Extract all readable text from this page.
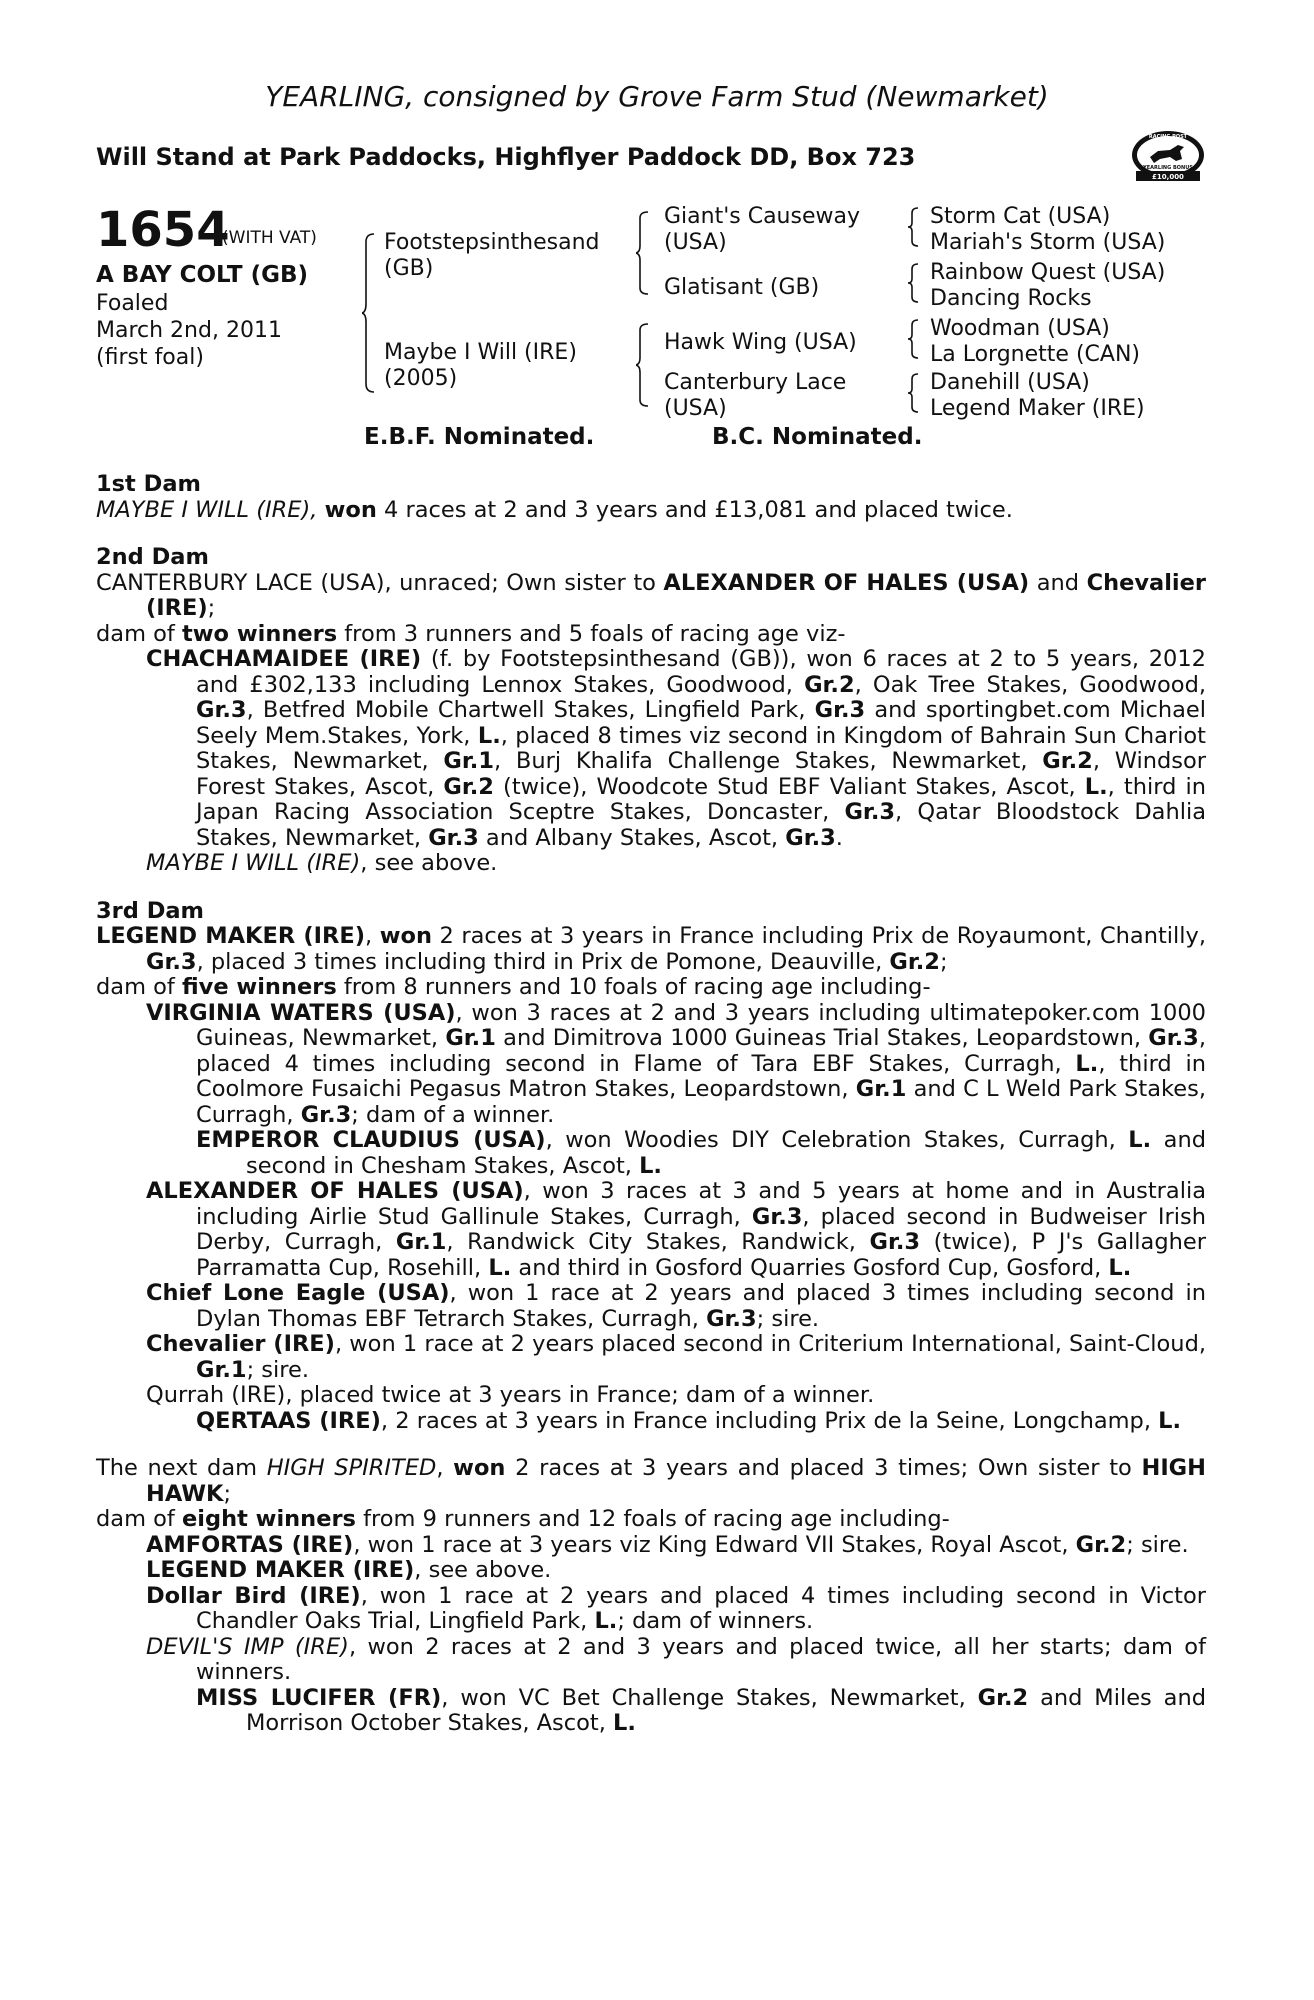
YEARLING, consigned by Grove Farm Stud (Newmarket)
Will Stand at Park Paddocks, Highflyer Paddock DD, Box 723
RACING POST
YEARLING BONUS
£10,000
1654
(WITH VAT)
A BAY COLT (GB)
Foaled
March 2nd, 2011
(first foal)
Footstepsinthesand
(GB)
Maybe I Will (IRE)
(2005)
Giant's Causeway
(USA)
Glatisant (GB)
Hawk Wing (USA)
Canterbury Lace
(USA)
Storm Cat (USA)
Mariah's Storm (USA)
Rainbow Quest (USA)
Dancing Rocks
Woodman (USA)
La Lorgnette (CAN)
Danehill (USA)
Legend Maker (IRE)
E.B.F. Nominated.	B.C. Nominated.

1st Dam

MAYBE I WILL (IRE), won 4 races at 2 and 3 years and £13,081 and placed twice.

2nd Dam

CANTERBURY LACE (USA), unraced; Own sister to ALEXANDER OF HALES (USA) and Chevalier (IRE);

dam of two winners from 3 runners and 5 foals of racing age viz-

CHACHAMAIDEE (IRE) (f. by Footstepsinthesand (GB)), won 6 races at 2 to 5 years, 2012 and £302,133 including Lennox Stakes, Goodwood, Gr.2, Oak Tree Stakes, Goodwood, Gr.3, Betfred Mobile Chartwell Stakes, Lingfield Park, Gr.3 and sportingbet.com Michael Seely Mem.Stakes, York, L., placed 8 times viz second in Kingdom of Bahrain Sun Chariot Stakes, Newmarket, Gr.1, Burj Khalifa Challenge Stakes, Newmarket, Gr.2, Windsor Forest Stakes, Ascot, Gr.2 (twice), Woodcote Stud EBF Valiant Stakes, Ascot, L., third in Japan Racing Association Sceptre Stakes, Doncaster, Gr.3, Qatar Bloodstock Dahlia Stakes, Newmarket, Gr.3 and Albany Stakes, Ascot, Gr.3.

MAYBE I WILL (IRE), see above.

3rd Dam

LEGEND MAKER (IRE), won 2 races at 3 years in France including Prix de Royaumont, Chantilly, Gr.3, placed 3 times including third in Prix de Pomone, Deauville, Gr.2;

dam of five winners from 8 runners and 10 foals of racing age including-

VIRGINIA WATERS (USA), won 3 races at 2 and 3 years including ultimatepoker.com 1000 Guineas, Newmarket, Gr.1 and Dimitrova 1000 Guineas Trial Stakes, Leopardstown, Gr.3, placed 4 times including second in Flame of Tara EBF Stakes, Curragh, L., third in Coolmore Fusaichi Pegasus Matron Stakes, Leopardstown, Gr.1 and C L Weld Park Stakes, Curragh, Gr.3; dam of a winner.

EMPEROR CLAUDIUS (USA), won Woodies DIY Celebration Stakes, Curragh, L. and second in Chesham Stakes, Ascot, L.

ALEXANDER OF HALES (USA), won 3 races at 3 and 5 years at home and in Australia including Airlie Stud Gallinule Stakes, Curragh, Gr.3, placed second in Budweiser Irish Derby, Curragh, Gr.1, Randwick City Stakes, Randwick, Gr.3 (twice), P J's Gallagher Parramatta Cup, Rosehill, L. and third in Gosford Quarries Gosford Cup, Gosford, L.

Chief Lone Eagle (USA), won 1 race at 2 years and placed 3 times including second in Dylan Thomas EBF Tetrarch Stakes, Curragh, Gr.3; sire.

Chevalier (IRE), won 1 race at 2 years placed second in Criterium International, Saint-Cloud, Gr.1; sire.

Qurrah (IRE), placed twice at 3 years in France; dam of a winner.

QERTAAS (IRE), 2 races at 3 years in France including Prix de la Seine, Longchamp, L.

The next dam HIGH SPIRITED, won 2 races at 3 years and placed 3 times; Own sister to HIGH HAWK;

dam of eight winners from 9 runners and 12 foals of racing age including-

AMFORTAS (IRE), won 1 race at 3 years viz King Edward VII Stakes, Royal Ascot, Gr.2; sire.

LEGEND MAKER (IRE), see above.

Dollar Bird (IRE), won 1 race at 2 years and placed 4 times including second in Victor Chandler Oaks Trial, Lingfield Park, L.; dam of winners.

DEVIL'S IMP (IRE), won 2 races at 2 and 3 years and placed twice, all her starts; dam of winners.

MISS LUCIFER (FR), won VC Bet Challenge Stakes, Newmarket, Gr.2 and Miles and Morrison October Stakes, Ascot, L.
